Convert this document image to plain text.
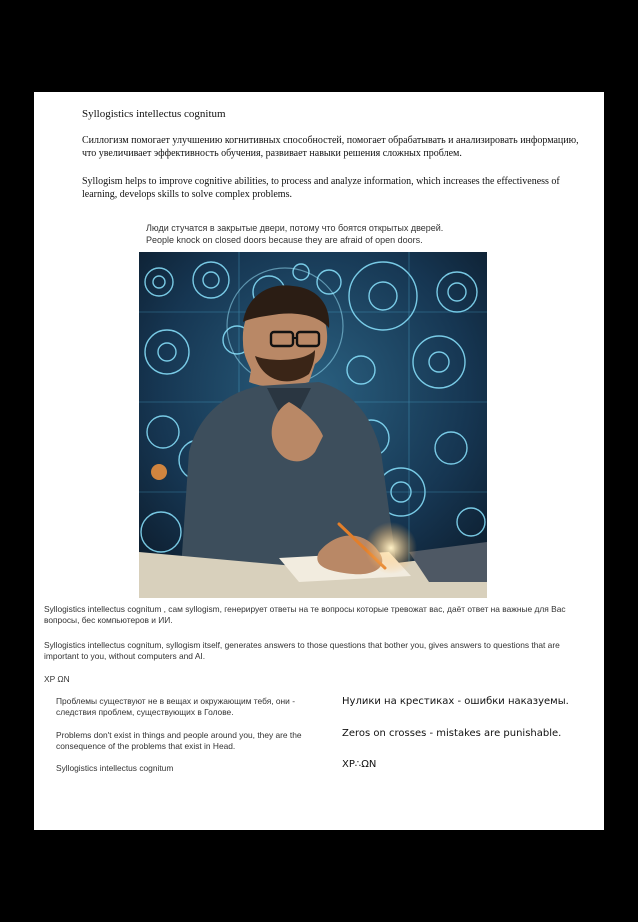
Syllogistics intellectus cognitum
Силлогизм помогает улучшению когнитивных способностей, помогает обрабатывать и анализировать информацию, что увеличивает эффективность обучения, развивает навыки решения сложных проблем.
Syllogism helps to improve cognitive abilities, to process and analyze information, which increases the effectiveness of learning, develops skills to solve complex problems.
Люди стучатся в закрытые двери, потому что боятся открытых дверей.
People knock on closed doors because they are afraid of open doors.
Syllogistics intellectus cognitum , сам syllogism, генерирует ответы на те вопросы которые тревожат вас, даёт ответ на важные для Вас вопросы, бес компьютеров и ИИ.
Syllogistics intellectus cognitum, syllogism itself, generates answers to those questions that bother you, gives answers to questions that are important to you, without computers and AI.
XP ΩN
Проблемы существуют не в вещах и окружающим тебя, они - следствия проблем, существующих в Голове.
Problems don't exist in things and people around you, they are the consequence of the problems that exist in Head.
Syllogistics intellectus cognitum
Нулики на крестиках - ошибки наказуемы.
Zeros on crosses - mistakes are punishable.
XP∴ΩN
